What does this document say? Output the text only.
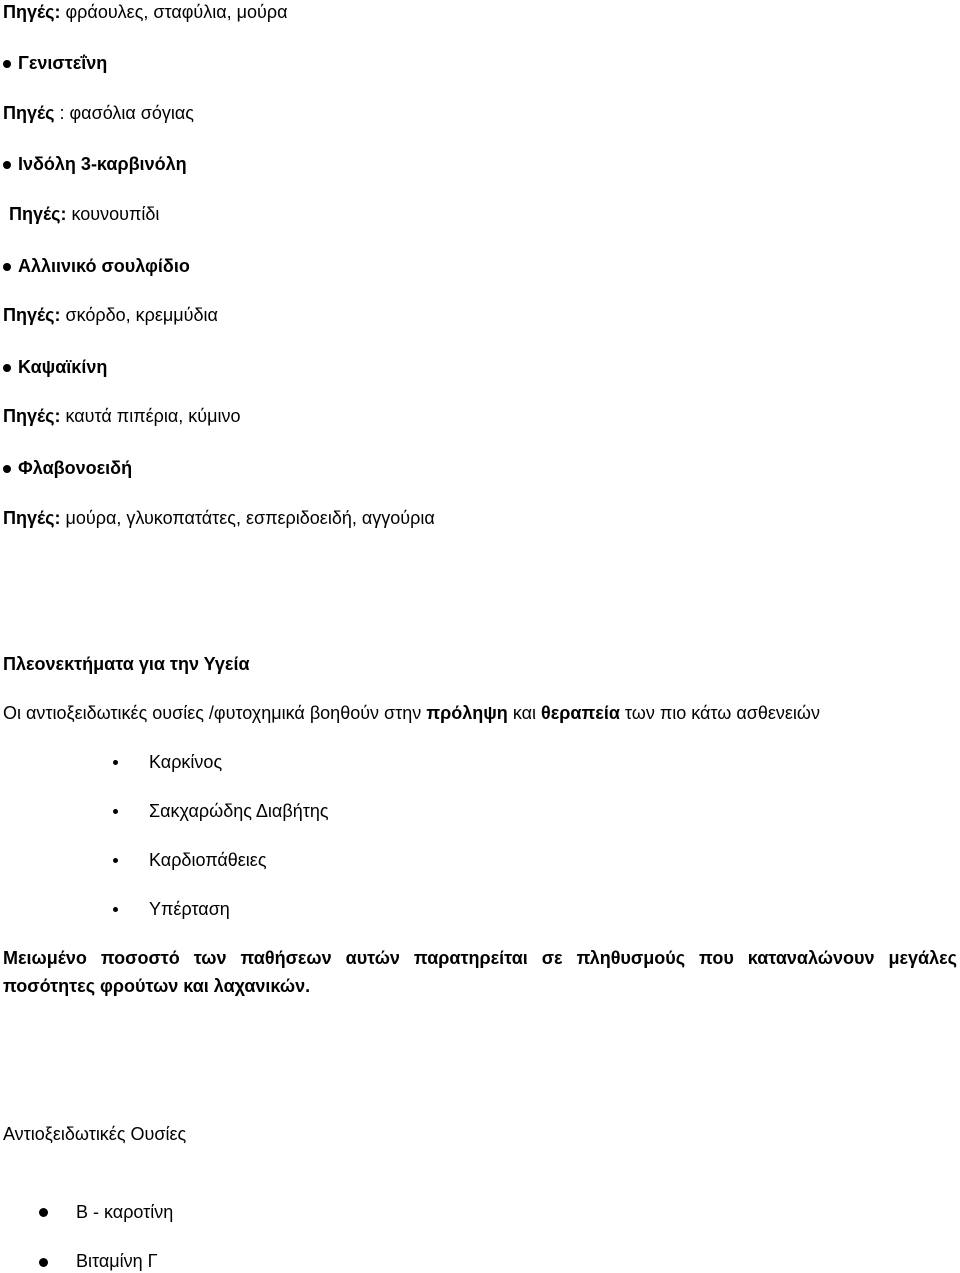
Πηγές: φράουλες, σταφύλια, μούρα
Γενιστεΐνη
Πηγές : φασόλια σόγιας
Ινδόλη 3-καρβινόλη
Πηγές: κουνουπίδι
Αλλιινικό σουλφίδιο
Πηγές: σκόρδο, κρεμμύδια
Καψαϊκίνη
Πηγές: καυτά πιπέρια, κύμινο
Φλαβονοειδή
Πηγές: μούρα, γλυκοπατάτες, εσπεριδοειδή, αγγούρια
Πλεονεκτήματα για την Υγεία
Οι αντιοξειδωτικές ουσίες /φυτοχημικά βοηθούν στην πρόληψη και θεραπεία των πιο κάτω ασθενειών
Καρκίνος
Σακχαρώδης Διαβήτης
Καρδιοπάθειες
Υπέρταση
Μειωμένο ποσοστό των παθήσεων αυτών παρατηρείται σε πληθυσμούς που καταναλώνουν μεγάλες
ποσότητες φρούτων και λαχανικών.
Αντιοξειδωτικές Ουσίες
Β - καροτίνη
Βιταμίνη Γ
